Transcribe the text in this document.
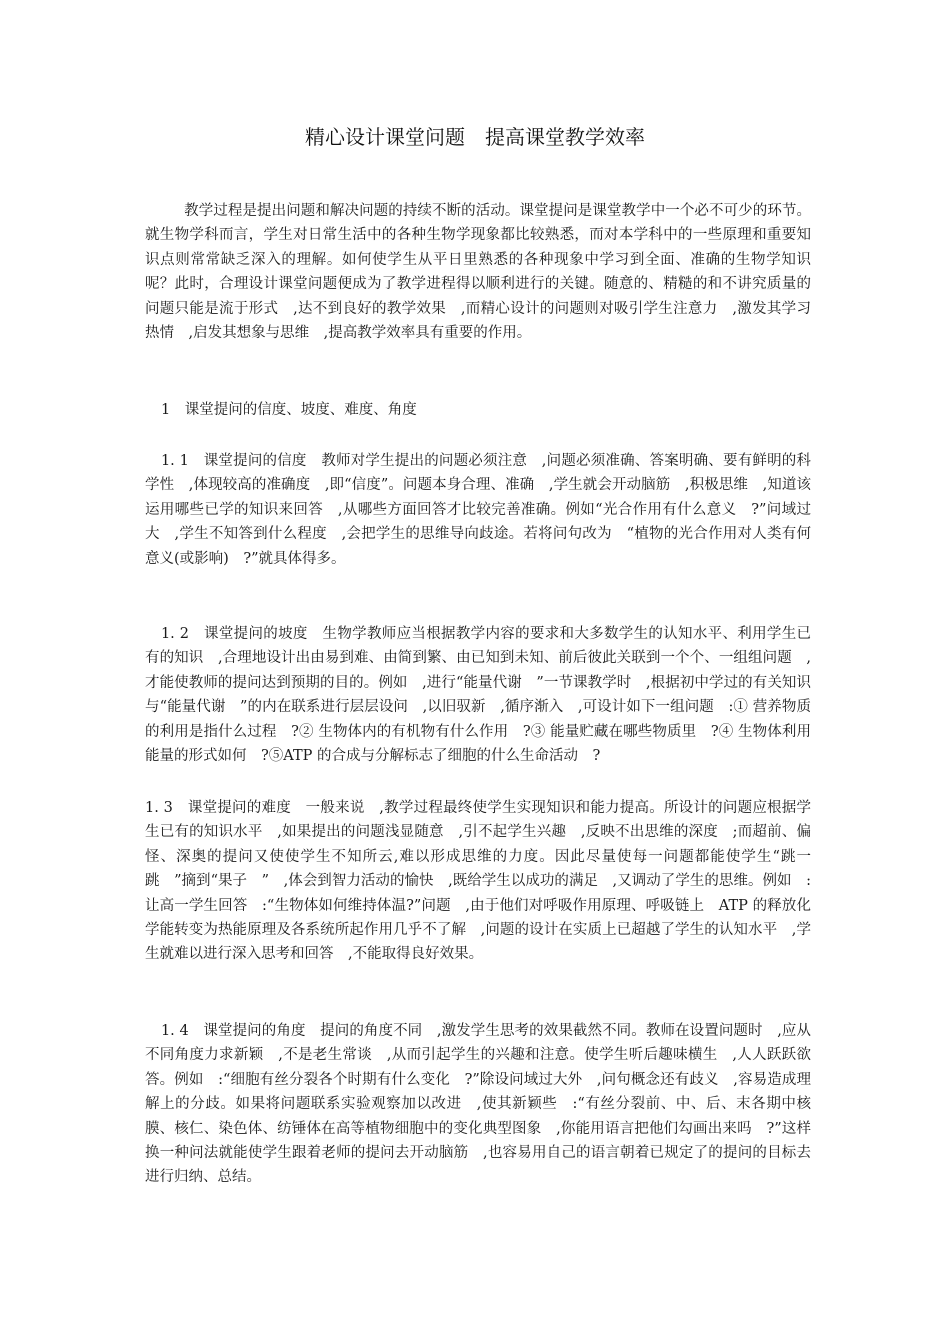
精心设计课堂问题　提高课堂教学效率
教学过程是提出问题和解决问题的持续不断的活动。课堂提问是课堂教学中一个必不可少的环节。就生物学科而言，学生对日常生活中的各种生物学现象都比较熟悉，而对本学科中的一些原理和重要知识点则常常缺乏深入的理解。如何使学生从平日里熟悉的各种现象中学习到全面、准确的生物学知识呢？此时，合理设计课堂问题便成为了教学进程得以顺利进行的关键。随意的、精糙的和不讲究质量的问题只能是流于形式　,达不到良好的教学效果　,而精心设计的问题则对吸引学生注意力　,激发其学习热情　,启发其想象与思维　,提高教学效率具有重要的作用。
1　课堂提问的信度、坡度、难度、角度
1. 1　课堂提问的信度　教师对学生提出的问题必须注意　,问题必须准确、答案明确、要有鲜明的科学性　,体现较高的准确度　,即“信度”。问题本身合理、准确　,学生就会开动脑筋　,积极思维　,知道该运用哪些已学的知识来回答　,从哪些方面回答才比较完善准确。例如“光合作用有什么意义　?”问域过大　,学生不知答到什么程度　,会把学生的思维导向歧途。若将问句改为　“植物的光合作用对人类有何意义(或影响)　?”就具体得多。
1. 2　课堂提问的坡度　生物学教师应当根据教学内容的要求和大多数学生的认知水平、利用学生已有的知识　,合理地设计出由易到难、由简到繁、由已知到未知、前后彼此关联到一个个、一组组问题　,才能使教师的提问达到预期的目的。例如　,进行“能量代谢　”一节课教学时　,根据初中学过的有关知识与“能量代谢　”的内在联系进行层层设问　,以旧驭新　,循序渐入　,可设计如下一组问题　:① 营养物质的利用是指什么过程　?② 生物体内的有机物有什么作用　?③ 能量贮藏在哪些物质里　?④ 生物体利用能量的形式如何　?⑤ATP 的合成与分解标志了细胞的什么生命活动　?
1. 3　课堂提问的难度　一般来说　,教学过程最终使学生实现知识和能力提高。所设计的问题应根据学生已有的知识水平　,如果提出的问题浅显随意　,引不起学生兴趣　,反映不出思维的深度　;而超前、偏怪、深奥的提问又使使学生不知所云,难以形成思维的力度。因此尽量使每一问题都能使学生“跳一跳　”摘到“果子　”　,体会到智力活动的愉快　,既给学生以成功的满足　,又调动了学生的思维。例如　:让高一学生回答　:“生物体如何维持体温?”问题　,由于他们对呼吸作用原理、呼吸链上　ATP 的释放化学能转变为热能原理及各系统所起作用几乎不了解　,问题的设计在实质上已超越了学生的认知水平　,学生就难以进行深入思考和回答　,不能取得良好效果。
1. 4　课堂提问的角度　提问的角度不同　,激发学生思考的效果截然不同。教师在设置问题时　,应从不同角度力求新颖　,不是老生常谈　,从而引起学生的兴趣和注意。使学生听后趣味横生　,人人跃跃欲答。例如　:“细胞有丝分裂各个时期有什么变化　?”除设问域过大外　,问句概念还有歧义　,容易造成理解上的分歧。如果将问题联系实验观察加以改进　,使其新颖些　:“有丝分裂前、中、后、末各期中核膜、核仁、染色体、纺锤体在高等植物细胞中的变化典型图象　,你能用语言把他们勾画出来吗　?”这样换一种问法就能使学生跟着老师的提问去开动脑筋　,也容易用自己的语言朝着已规定了的提问的目标去进行归纳、总结。
